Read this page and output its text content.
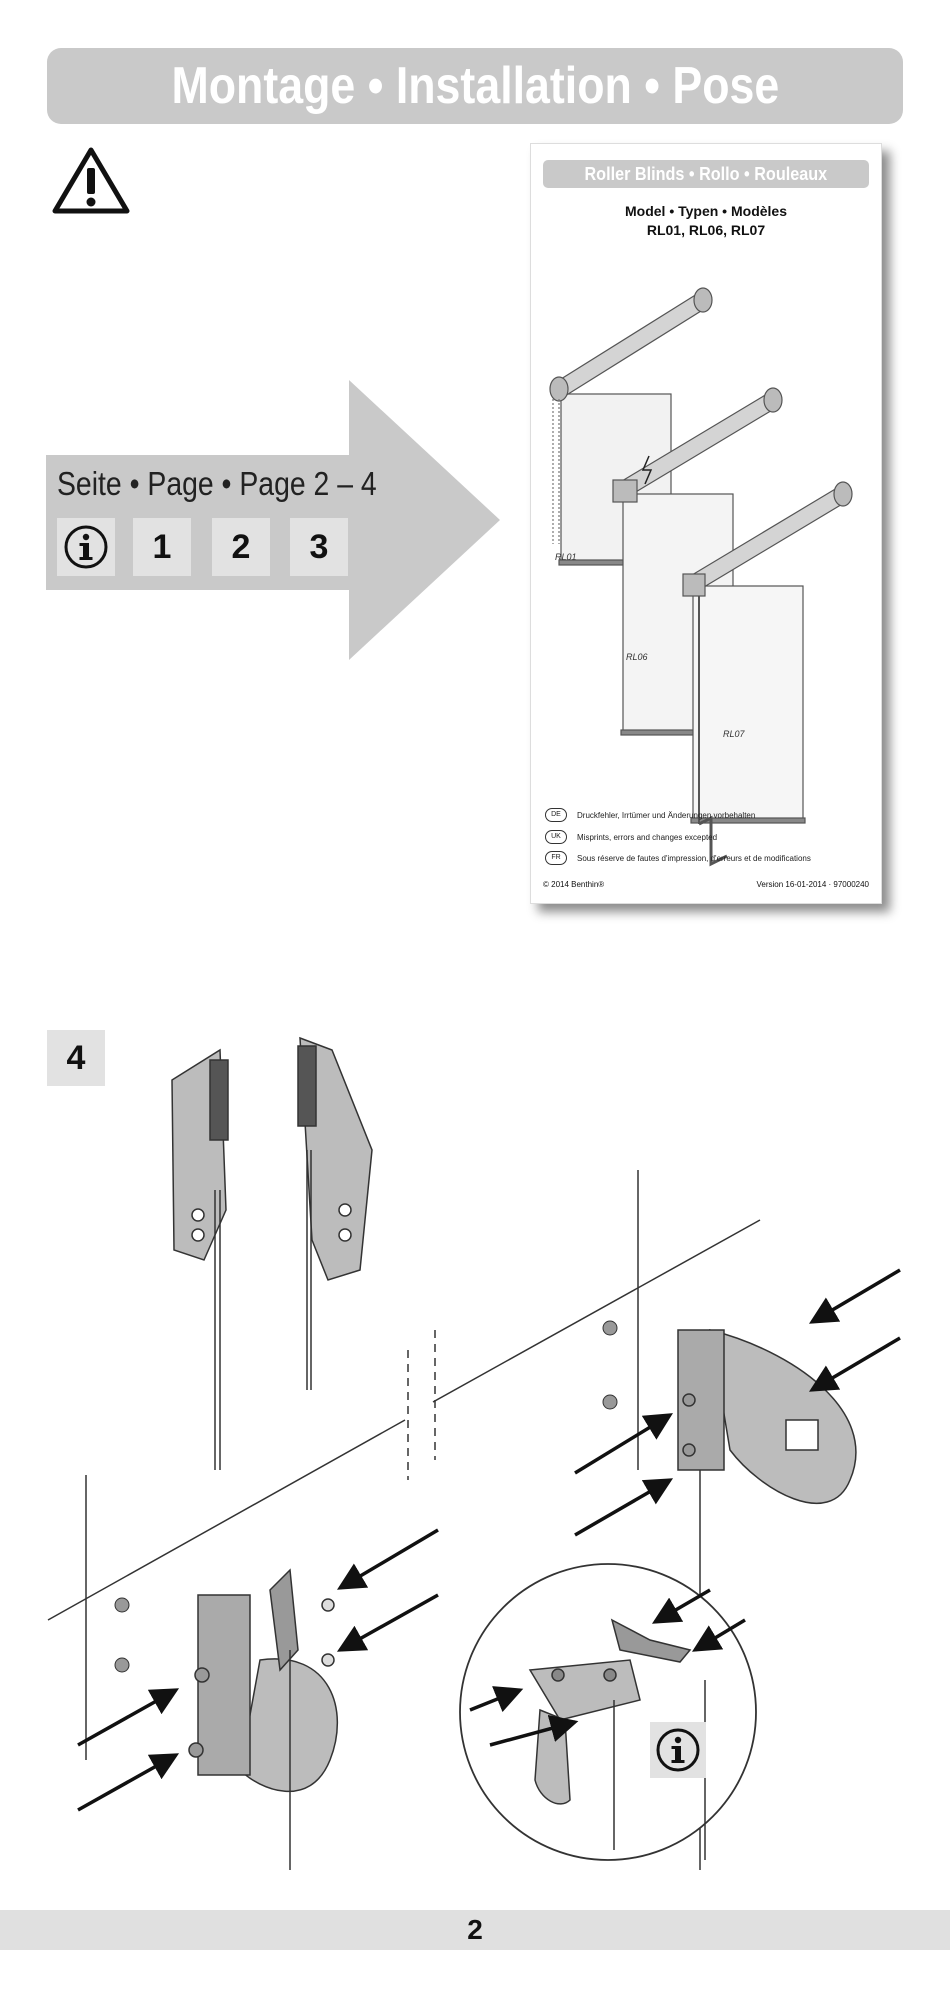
Montage • Installation • Pose
Seite • Page • Page 2 – 4
1	2	3
Roller Blinds • Rollo • Rouleaux
Model • Typen • Modèles
RL01, RL06, RL07
RL01
RL06
RL07
DE	Druckfehler, Irrtümer und Änderungen vorbehalten
UK	Misprints, errors and changes excepted
FR	Sous réserve de fautes d'impression, d'erreurs et de modifications
© 2014 Benthin®	Version 16-01-2014 · 97000240
4
2
